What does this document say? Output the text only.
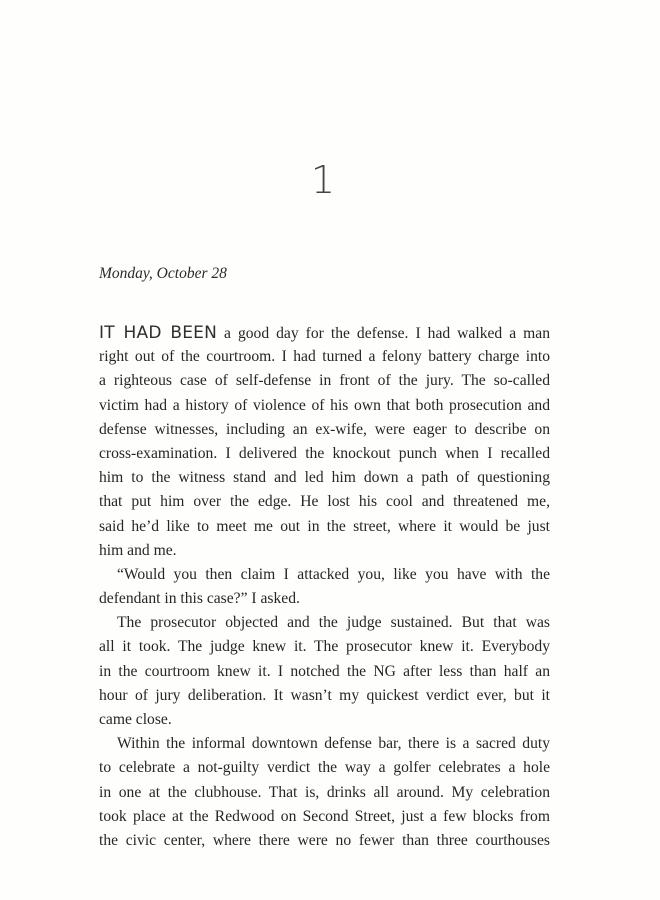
1
Monday, October 28
IT HAD BEEN a good day for the defense. I had walked a man
right out of the courtroom. I had turned a felony battery charge into
a righteous case of self-defense in front of the jury. The so-called
victim had a history of violence of his own that both prosecution and
defense witnesses, including an ex-wife, were eager to describe on
cross-examination. I delivered the knockout punch when I recalled
him to the witness stand and led him down a path of questioning
that put him over the edge. He lost his cool and threatened me,
said he’d like to meet me out in the street, where it would be just
him and me.
“Would you then claim I attacked you, like you have with the
defendant in this case?” I asked.
The prosecutor objected and the judge sustained. But that was
all it took. The judge knew it. The prosecutor knew it. Everybody
in the courtroom knew it. I notched the NG after less than half an
hour of jury deliberation. It wasn’t my quickest verdict ever, but it
came close.
Within the informal downtown defense bar, there is a sacred duty
to celebrate a not-guilty verdict the way a golfer celebrates a hole
in one at the clubhouse. That is, drinks all around. My celebration
took place at the Redwood on Second Street, just a few blocks from
the civic center, where there were no fewer than three courthouses
